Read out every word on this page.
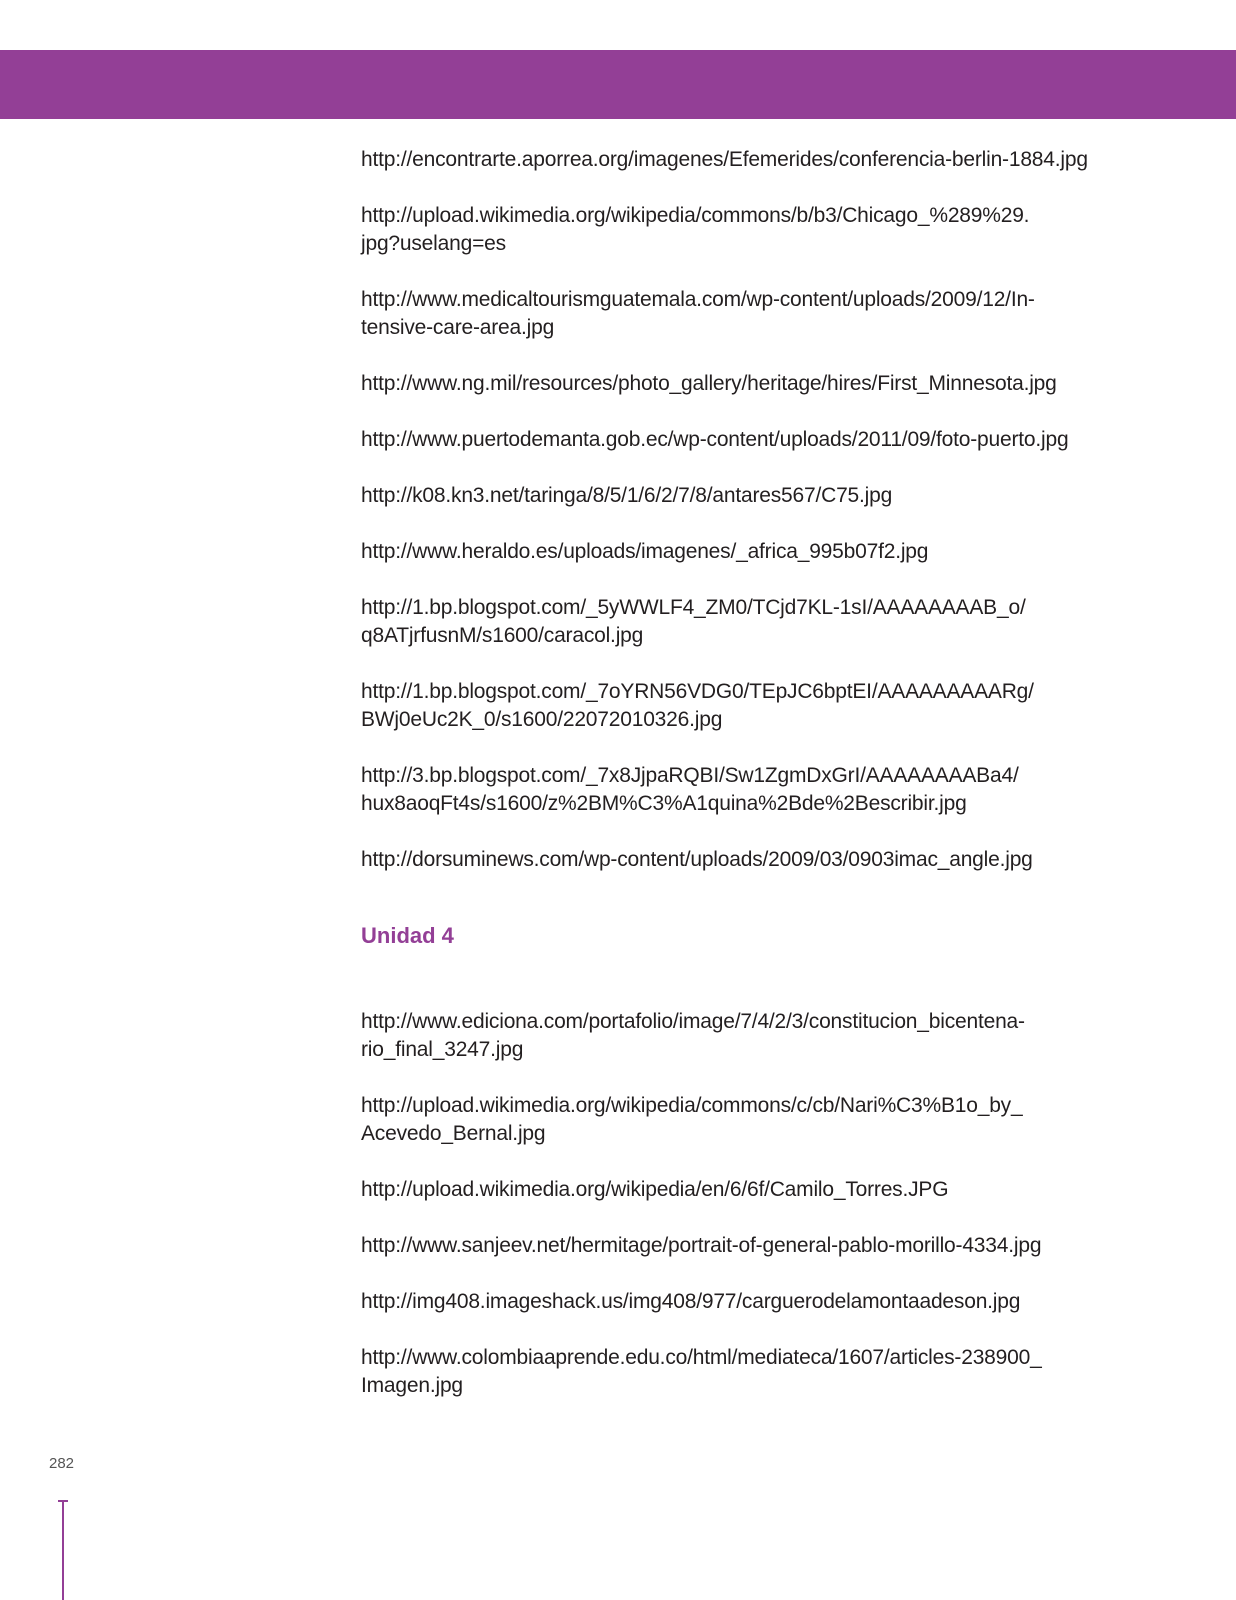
http://encontrarte.aporrea.org/imagenes/Efemerides/conferencia-berlin-1884.jpg

http://upload.wikimedia.org/wikipedia/commons/b/b3/Chicago_%289%29.
jpg?uselang=es

http://www.medicaltourismguatemala.com/wp-content/uploads/2009/12/In-
tensive-care-area.jpg

http://www.ng.mil/resources/photo_gallery/heritage/hires/First_Minnesota.jpg

http://www.puertodemanta.gob.ec/wp-content/uploads/2011/09/foto-puerto.jpg

http://k08.kn3.net/taringa/8/5/1/6/2/7/8/antares567/C75.jpg

http://www.heraldo.es/uploads/imagenes/_africa_995b07f2.jpg

http://1.bp.blogspot.com/_5yWWLF4_ZM0/TCjd7KL-1sI/AAAAAAAAB_o/
q8ATjrfusnM/s1600/caracol.jpg

http://1.bp.blogspot.com/_7oYRN56VDG0/TEpJC6bptEI/AAAAAAAAARg/
BWj0eUc2K_0/s1600/22072010326.jpg

http://3.bp.blogspot.com/_7x8JjpaRQBI/Sw1ZgmDxGrI/AAAAAAAABa4/
hux8aoqFt4s/s1600/z%2BM%C3%A1quina%2Bde%2Bescribir.jpg

http://dorsuminews.com/wp-content/uploads/2009/03/0903imac_angle.jpg

Unidad 4

http://www.ediciona.com/portafolio/image/7/4/2/3/constitucion_bicentena-
rio_final_3247.jpg

http://upload.wikimedia.org/wikipedia/commons/c/cb/Nari%C3%B1o_by_
Acevedo_Bernal.jpg

http://upload.wikimedia.org/wikipedia/en/6/6f/Camilo_Torres.JPG

http://www.sanjeev.net/hermitage/portrait-of-general-pablo-morillo-4334.jpg

http://img408.imageshack.us/img408/977/carguerodelamontaadeson.jpg

http://www.colombiaaprende.edu.co/html/mediateca/1607/articles-238900_
Imagen.jpg

282
